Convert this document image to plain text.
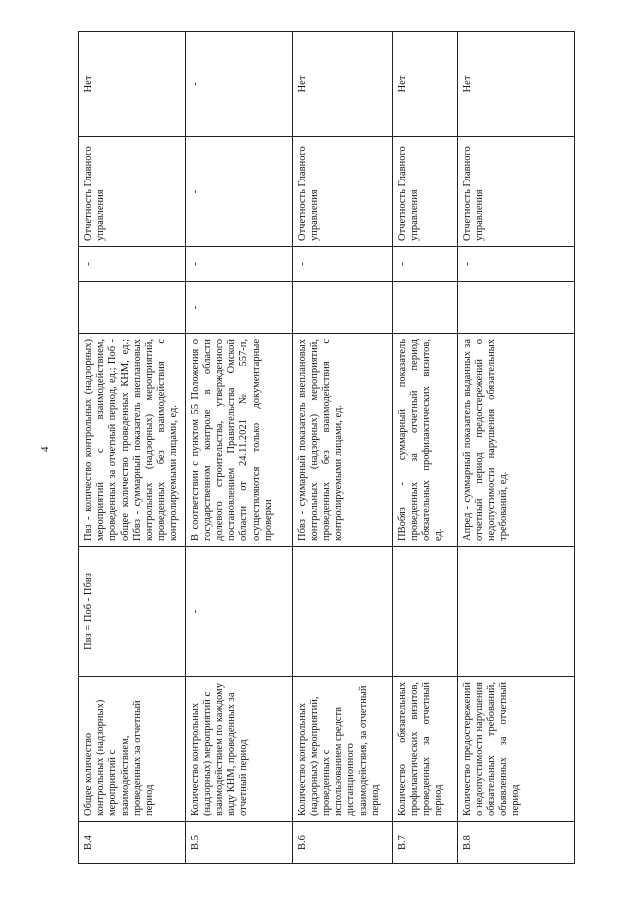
4
В.4	Общее количество контрольных (надзорных) мероприятий с взаимодействием, проведенных за отчетный период	Пвз = Поб - Пбвз	Пвз - количество контрольных (надзорных) мероприятий с взаимодействием, проведенных за отчетный период, ед.; Поб - общее количество проведенных КНМ, ед.; Пбвз - суммарный показатель внеплановых контрольных (надзорных) мероприятий, проведенных без взаимодействия с контролируемыми лицами, ед.		-	Отчетность Главного управления	Нет
В.5	Количество контрольных (надзорных) мероприятий с взаимодействием по каждому виду КНМ, проведенных за отчетный период	-	В соответствии с пунктом 55 Положения о государственном контроле в области долевого строительства, утвержденного постановлением Правительства Омской области от 24.11.2021 № 557-п, осуществляются только документарные проверки	-	-	-	-
В.6	Количество контрольных (надзорных) мероприятий, проведенных с использованием средств дистанционного взаимодействия, за отчетный период		Пбвз - суммарный показатель внеплановых контрольных (надзорных) мероприятий, проведенных без взаимодействия с контролируемыми лицами, ед.		-	Отчетность Главного управления	Нет
В.7	Количество обязательных профилактических визитов, проведенных за отчетный период		ПВобяз - суммарный показатель проведенных за отчетный период обязательных профилактических визитов, ед.		-	Отчетность Главного управления	Нет
В.8	Количество предостережений о недопустимости нарушения обязательных требований, объявленных за отчетный период		Апред - суммарный показатель выданных за отчетный период предостережений о недопустимости нарушения обязательных требований, ед.		-	Отчетность Главного управления	Нет
